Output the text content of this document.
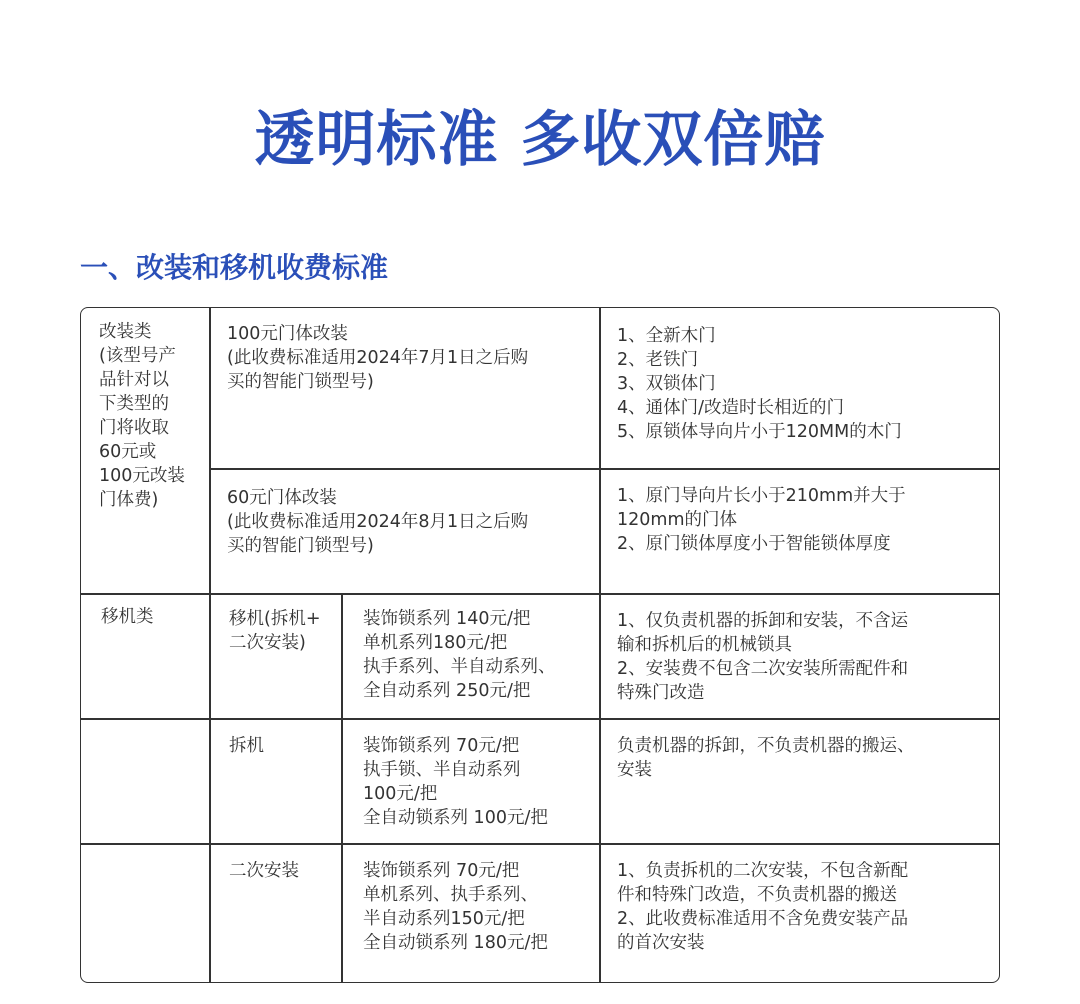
透明标准 多收双倍赔
一、改装和移机收费标准
改装类
(该型号产
品针对以
下类型的
门将收取
60元或
100元改装
门体费)
移机类
100元门体改装
(此收费标准适用2024年7月1日之后购
买的智能门锁型号)
1、全新木门
2、老铁门
3、双锁体门
4、通体门/改造时长相近的门
5、原锁体导向片小于120MM的木门
60元门体改装
(此收费标准适用2024年8月1日之后购
买的智能门锁型号)
1、原门导向片长小于210mm并大于
120mm的门体
2、原门锁体厚度小于智能锁体厚度
移机(拆机+
二次安装)
装饰锁系列 140元/把
单机系列180元/把
执手系列、半自动系列、
全自动系列 250元/把
1、仅负责机器的拆卸和安装，不含运
输和拆机后的机械锁具
2、安装费不包含二次安装所需配件和
特殊门改造
拆机	装饰锁系列 70元/把
执手锁、半自动系列
100元/把
全自动锁系列 100元/把
负责机器的拆卸，不负责机器的搬运、
安装
二次安装	装饰锁系列 70元/把
单机系列、执手系列、
半自动系列150元/把
全自动锁系列 180元/把
1、负责拆机的二次安装，不包含新配
件和特殊门改造，不负责机器的搬送
2、此收费标准适用不含免费安装产品
的首次安装
